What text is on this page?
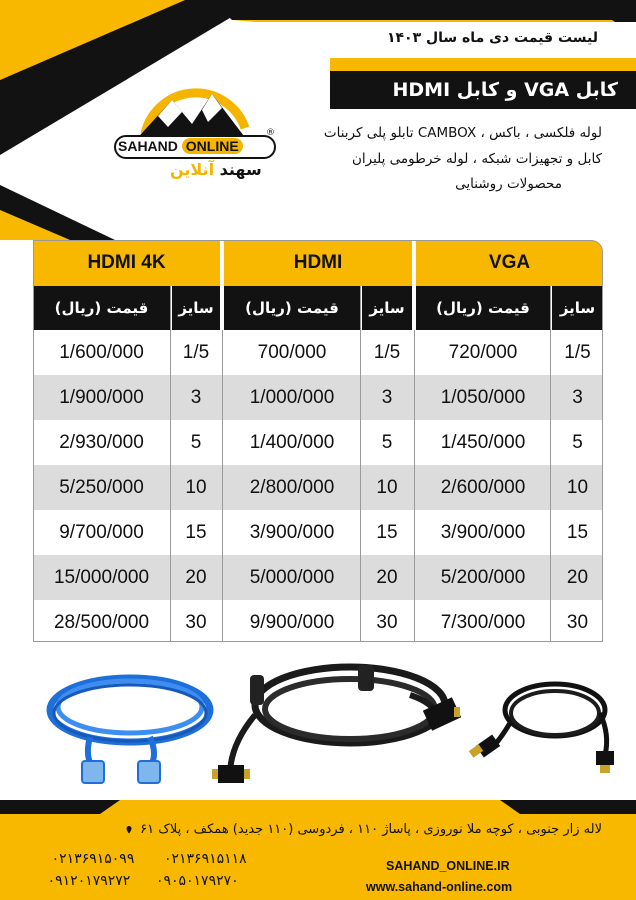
لیست قیمت دی ماه سال ۱۴۰۳
کابل VGA و کابل HDMI
لوله فلکسی ، باکس ، CAMBOX تابلو پلی کربنات
کابل و تجهیزات شبکه ، لوله خرطومی پلیران
محصولات روشنایی
SAHAND ONLINE
®
سهند آنلاین
HDMI 4K	HDMI	VGA
قیمت (ریال)	سایز	قیمت (ریال)	سایز	قیمت (ریال)	سایز
1/600/000	1/5	700/000	1/5	720/000	1/5
1/900/000	3	1/000/000	3	1/050/000	3
2/930/000	5	1/400/000	5	1/450/000	5
5/250/000	10	2/800/000	10	2/600/000	10
9/700/000	15	3/900/000	15	3/900/000	15
15/000/000	20	5/000/000	20	5/200/000	20
28/500/000	30	9/900/000	30	7/300/000	30
لاله زار جنوبی ، کوچه ملا نوروزی ، پاساژ ۱۱۰ ، فردوسی (۱۱۰ جدید) همکف ، پلاک ۶۱
✆ ۰۲۱۳۶۹۱۵۰۹۹ ✆ ۰۲۱۳۶۹۱۵۱۱۸
▯ ۰۹۱۲۰۱۷۹۲۷۲ ▯ ۰۹۰۵۰۱۷۹۲۷۰
SAHAND_ONLINE.IR
www.sahand-online.com
